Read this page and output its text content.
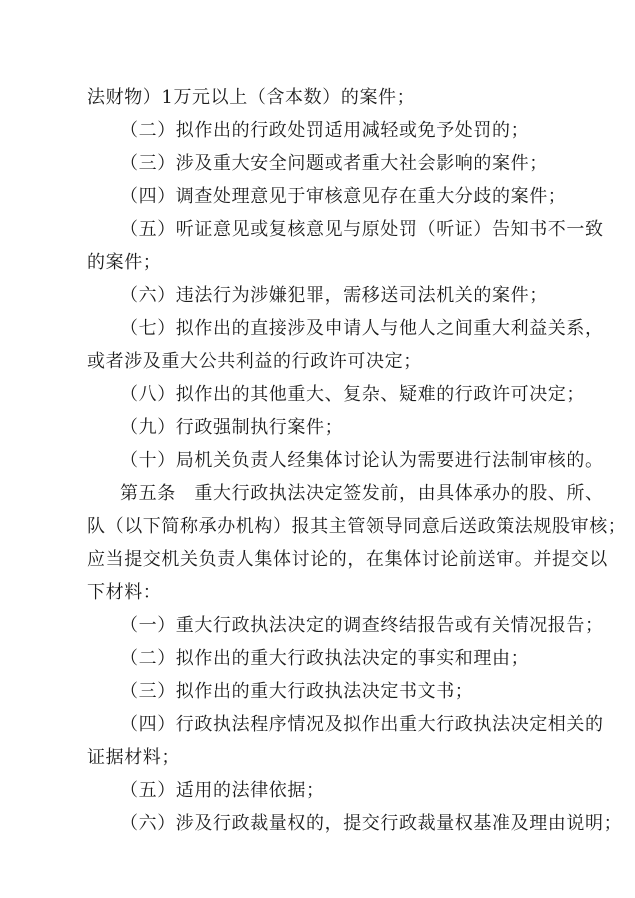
法财物）1万元以上（含本数）的案件；
（二）拟作出的行政处罚适用减轻或免予处罚的；
（三）涉及重大安全问题或者重大社会影响的案件；
（四）调查处理意见于审核意见存在重大分歧的案件；
（五）听证意见或复核意见与原处罚（听证）告知书不一致
的案件；
（六）违法行为涉嫌犯罪，需移送司法机关的案件；
（七）拟作出的直接涉及申请人与他人之间重大利益关系，
或者涉及重大公共利益的行政许可决定；
（八）拟作出的其他重大、复杂、疑难的行政许可决定；
（九）行政强制执行案件；
（十）局机关负责人经集体讨论认为需要进行法制审核的。
第五条　重大行政执法决定签发前，由具体承办的股、所、
队（以下简称承办机构）报其主管领导同意后送政策法规股审核；
应当提交机关负责人集体讨论的，在集体讨论前送审。并提交以
下材料：
（一）重大行政执法决定的调查终结报告或有关情况报告；
（二）拟作出的重大行政执法决定的事实和理由；
（三）拟作出的重大行政执法决定书文书；
（四）行政执法程序情况及拟作出重大行政执法决定相关的
证据材料；
（五）适用的法律依据；
（六）涉及行政裁量权的，提交行政裁量权基准及理由说明；
